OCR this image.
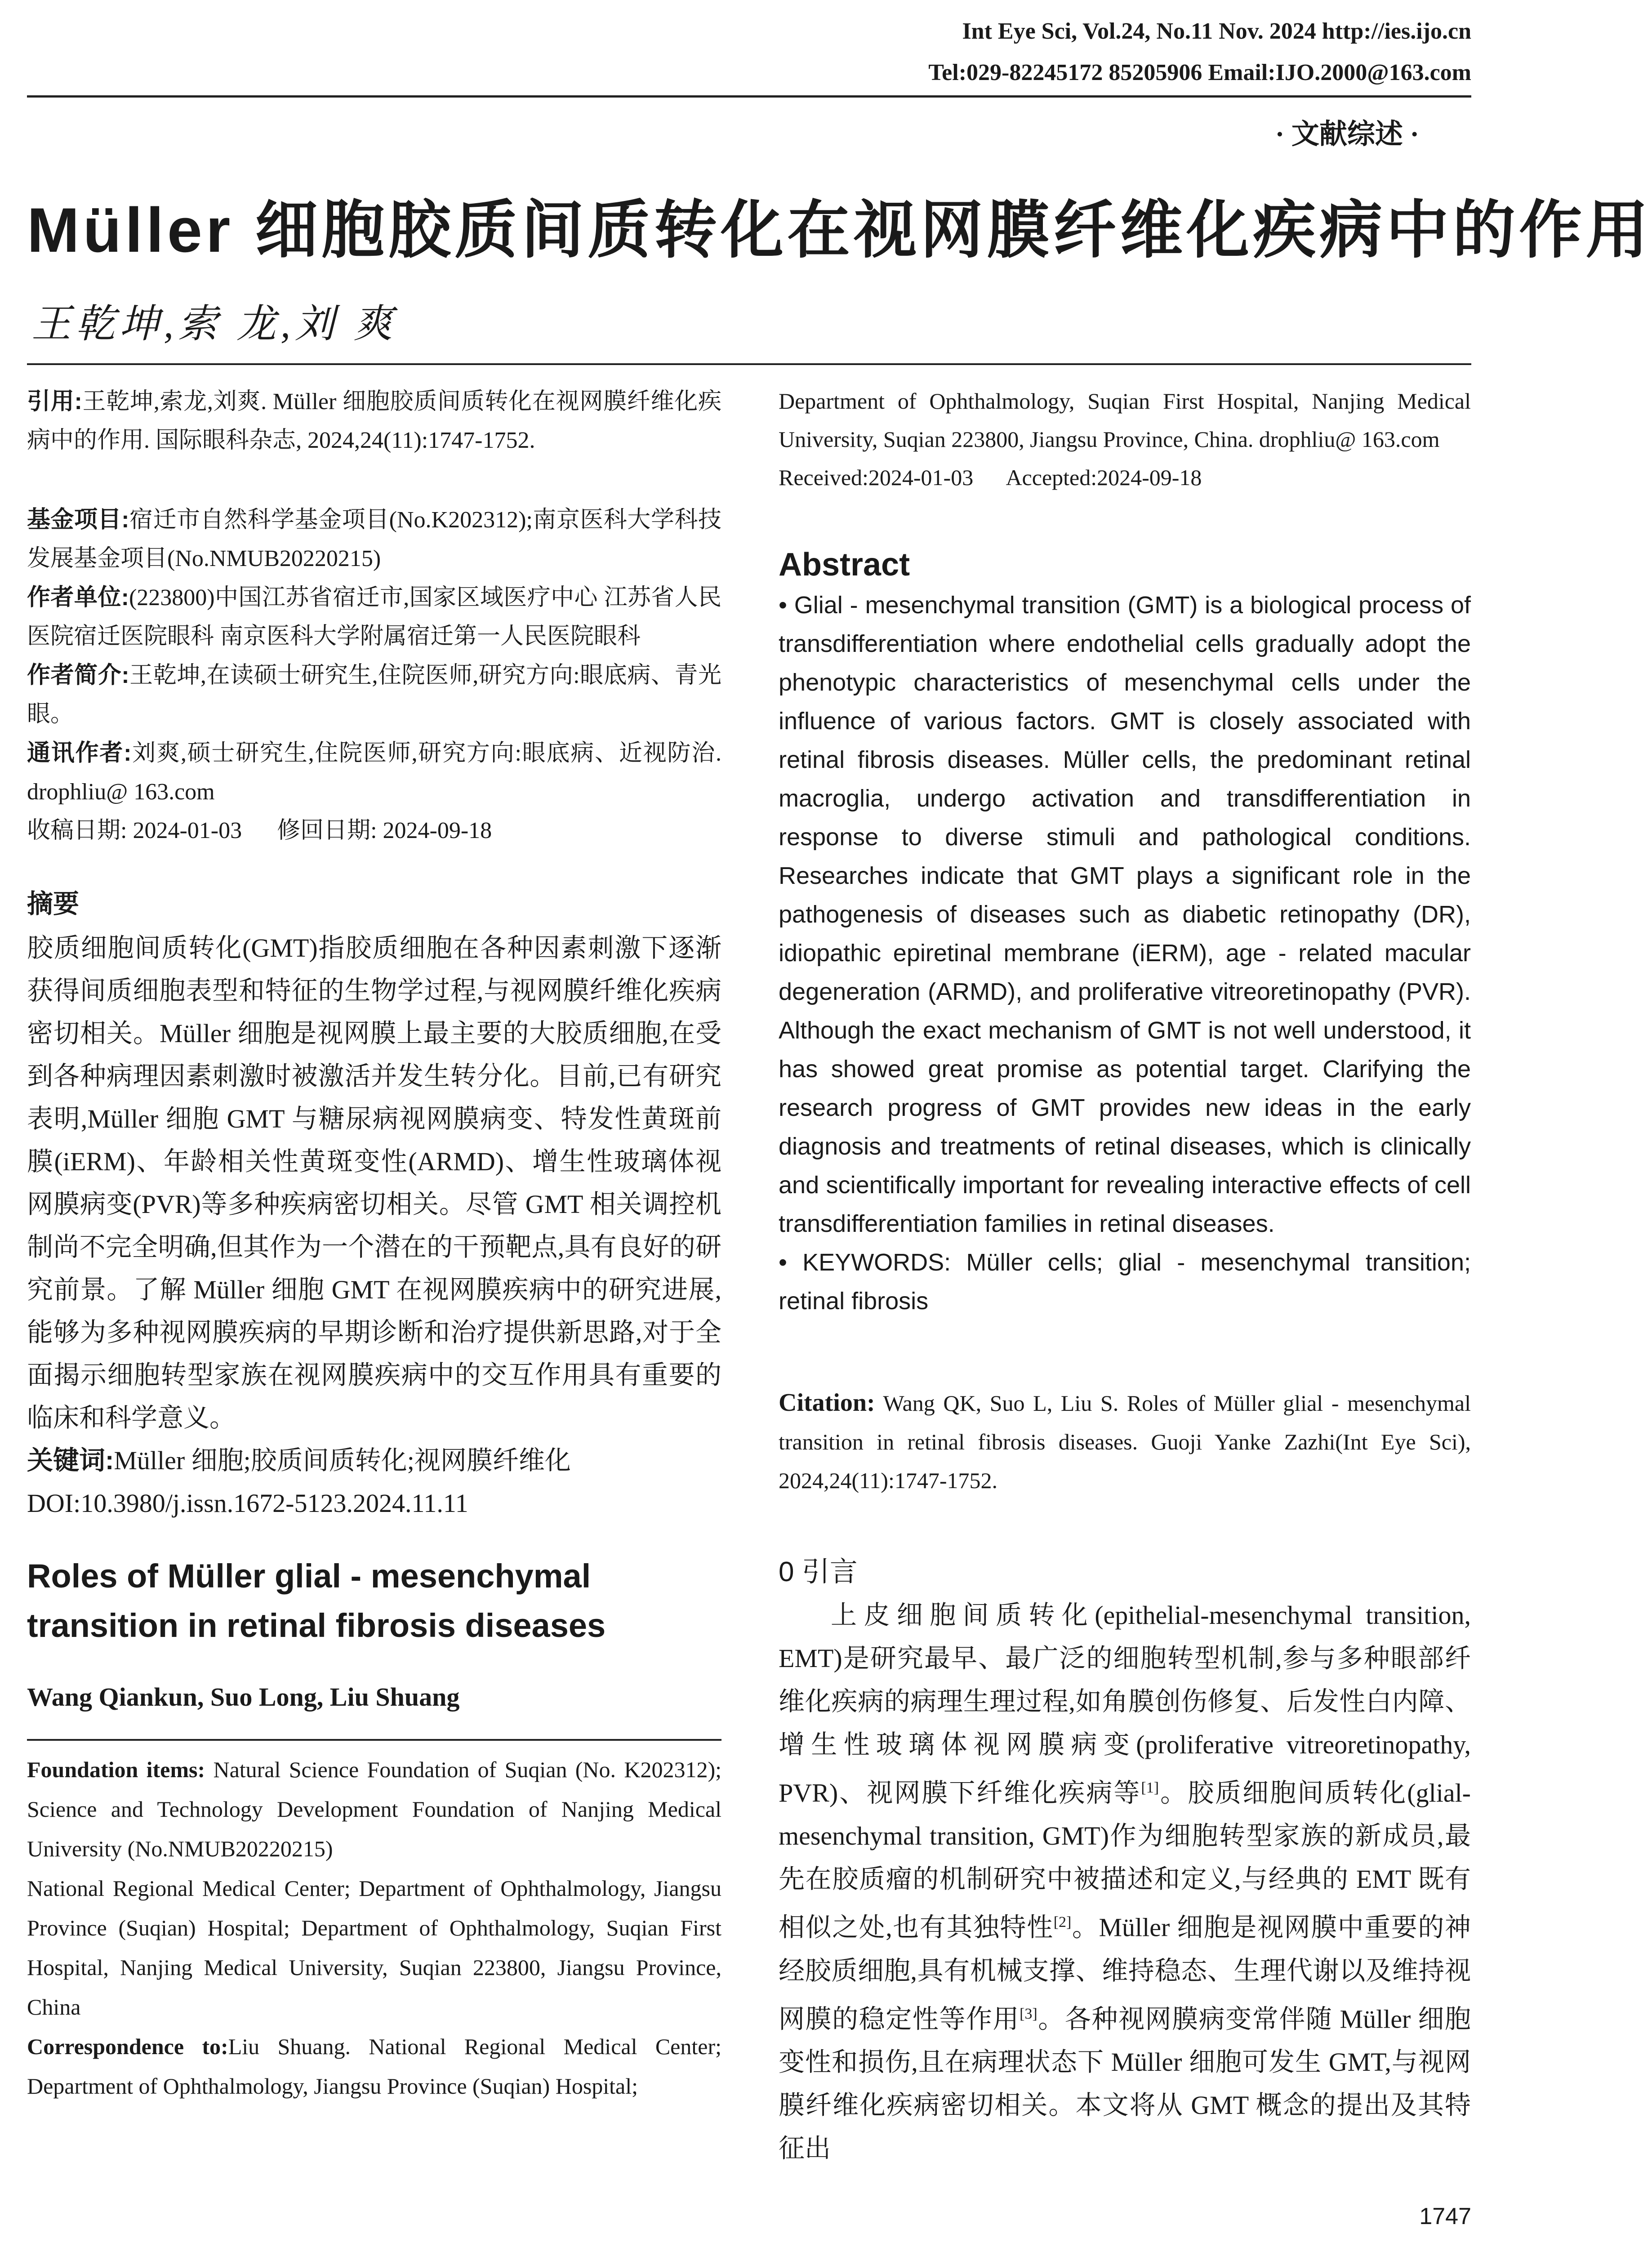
Int Eye Sci, Vol.24, No.11 Nov. 2024 http://ies.ijo.cn
Tel:029-82245172 85205906 Email:IJO.2000@163.com
· 文献综述 ·
Müller 细胞胶质间质转化在视网膜纤维化疾病中的作用
王乾坤,索 龙,刘 爽
引用:王乾坤,索龙,刘爽. Müller 细胞胶质间质转化在视网膜纤维化疾病中的作用. 国际眼科杂志, 2024,24(11):1747-1752.
基金项目:宿迁市自然科学基金项目(No.K202312);南京医科大学科技发展基金项目(No.NMUB20220215)
作者单位:(223800)中国江苏省宿迁市,国家区域医疗中心 江苏省人民医院宿迁医院眼科 南京医科大学附属宿迁第一人民医院眼科
作者简介:王乾坤,在读硕士研究生,住院医师,研究方向:眼底病、青光眼。
通讯作者:刘爽,硕士研究生,住院医师,研究方向:眼底病、近视防治. drophliu@ 163.com
收稿日期: 2024-01-03      修回日期: 2024-09-18
摘要
胶质细胞间质转化(GMT)指胶质细胞在各种因素刺激下逐渐获得间质细胞表型和特征的生物学过程,与视网膜纤维化疾病密切相关。Müller 细胞是视网膜上最主要的大胶质细胞,在受到各种病理因素刺激时被激活并发生转分化。目前,已有研究表明,Müller 细胞 GMT 与糖尿病视网膜病变、特发性黄斑前膜(iERM)、年龄相关性黄斑变性(ARMD)、增生性玻璃体视网膜病变(PVR)等多种疾病密切相关。尽管 GMT 相关调控机制尚不完全明确,但其作为一个潜在的干预靶点,具有良好的研究前景。了解 Müller 细胞 GMT 在视网膜疾病中的研究进展,能够为多种视网膜疾病的早期诊断和治疗提供新思路,对于全面揭示细胞转型家族在视网膜疾病中的交互作用具有重要的临床和科学意义。
关键词:Müller 细胞;胶质间质转化;视网膜纤维化
DOI:10.3980/j.issn.1672-5123.2024.11.11
Roles of Müller glial - mesenchymal transition in retinal fibrosis diseases
Wang Qiankun, Suo Long, Liu Shuang
Foundation items: Natural Science Foundation of Suqian (No. K202312); Science and Technology Development Foundation of Nanjing Medical University (No.NMUB20220215)
National Regional Medical Center; Department of Ophthalmology, Jiangsu Province (Suqian) Hospital; Department of Ophthalmology, Suqian First Hospital, Nanjing Medical University, Suqian 223800, Jiangsu Province, China
Correspondence to:Liu Shuang. National Regional Medical Center; Department of Ophthalmology, Jiangsu Province (Suqian) Hospital;
Department of Ophthalmology, Suqian First Hospital, Nanjing Medical University, Suqian 223800, Jiangsu Province, China. drophliu@ 163.com
Received:2024-01-03      Accepted:2024-09-18
Abstract
• Glial - mesenchymal transition (GMT) is a biological process of transdifferentiation where endothelial cells gradually adopt the phenotypic characteristics of mesenchymal cells under the influence of various factors. GMT is closely associated with retinal fibrosis diseases. Müller cells, the predominant retinal macroglia, undergo activation and transdifferentiation in response to diverse stimuli and pathological conditions. Researches indicate that GMT plays a significant role in the pathogenesis of diseases such as diabetic retinopathy (DR), idiopathic epiretinal membrane (iERM), age - related macular degeneration (ARMD), and proliferative vitreoretinopathy (PVR). Although the exact mechanism of GMT is not well understood, it has showed great promise as potential target. Clarifying the research progress of GMT provides new ideas in the early diagnosis and treatments of retinal diseases, which is clinically and scientifically important for revealing interactive effects of cell transdifferentiation families in retinal diseases.
• KEYWORDS: Müller cells; glial - mesenchymal transition; retinal fibrosis
Citation: Wang QK, Suo L, Liu S. Roles of Müller glial - mesenchymal transition in retinal fibrosis diseases. Guoji Yanke Zazhi(Int Eye Sci), 2024,24(11):1747-1752.
0 引言
上皮细胞间质转化(epithelial-mesenchymal transition, EMT)是研究最早、最广泛的细胞转型机制,参与多种眼部纤维化疾病的病理生理过程,如角膜创伤修复、后发性白内障、增生性玻璃体视网膜病变(proliferative vitreoretinopathy, PVR)、视网膜下纤维化疾病等[1]。胶质细胞间质转化(glial-mesenchymal transition, GMT)作为细胞转型家族的新成员,最先在胶质瘤的机制研究中被描述和定义,与经典的 EMT 既有相似之处,也有其独特性[2]。Müller 细胞是视网膜中重要的神经胶质细胞,具有机械支撑、维持稳态、生理代谢以及维持视网膜的稳定性等作用[3]。各种视网膜病变常伴随 Müller 细胞变性和损伤,且在病理状态下 Müller 细胞可发生 GMT,与视网膜纤维化疾病密切相关。本文将从 GMT 概念的提出及其特征出
1747
